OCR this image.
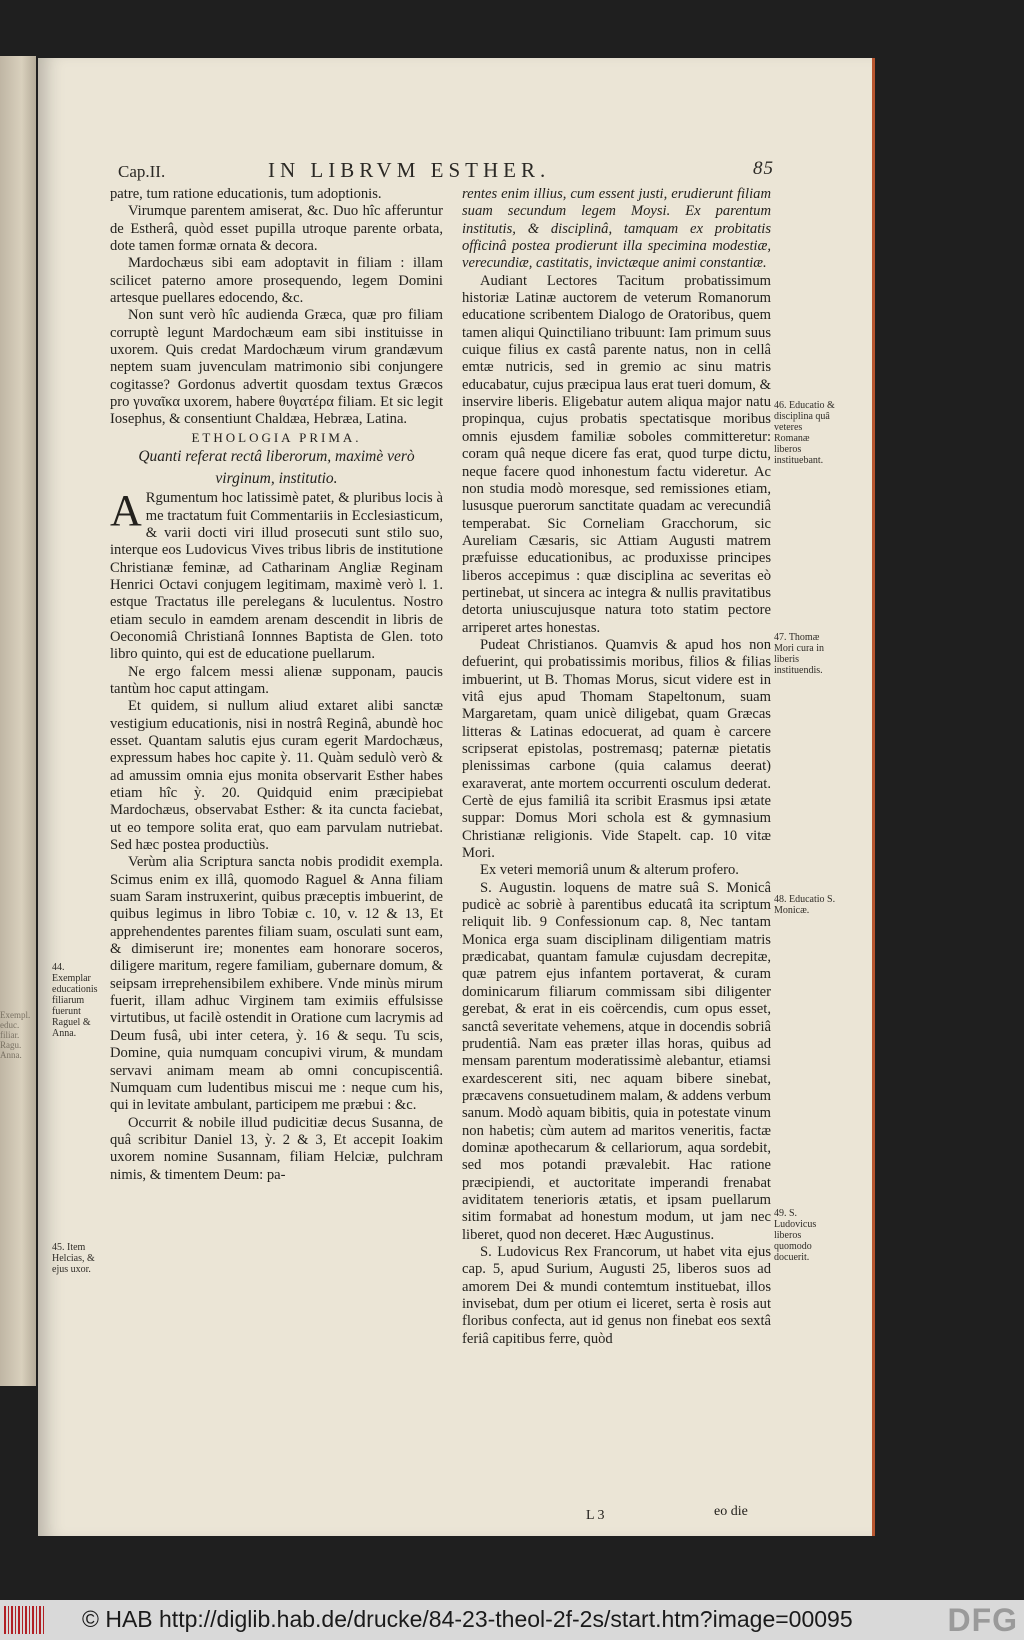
Exempl. educ. filiar. Ragu. Anna.
Cap.II.	IN LIBRVM ESTHER.	85

patre, tum ratione educationis, tum adoptionis.

Virumque parentem amiserat, &c. Duo hîc afferuntur de Estherâ, quòd esset pupilla utroque parente orbata, dote tamen formæ ornata & decora.

Mardochæus sibi eam adoptavit in filiam : illam scilicet paterno amore prosequendo, legem Domini artesque puellares edocendo, &c.

Non sunt verò hîc audienda Græca, quæ pro filiam corruptè legunt Mardochæum eam sibi instituisse in uxorem. Quis credat Mardochæum virum grandævum neptem suam juvenculam matrimonio sibi conjungere cogitasse? Gordonus advertit quosdam textus Græcos pro γυναῖκα uxorem, habere θυγατέρα filiam. Et sic legit Iosephus, & consentiunt Chaldæa, Hebræa, Latina.

ETHOLOGIA PRIMA.

Quanti referat rectâ liberorum, maximè verò virginum, institutio.

A Rgumentum hoc latissimè patet, & pluribus locis à me tractatum fuit Commentariis in Ecclesiasticum, & varii docti viri illud prosecuti sunt stilo suo, interque eos Ludovicus Vives tribus libris de institutione Christianæ feminæ, ad Catharinam Angliæ Reginam Henrici Octavi conjugem legitimam, maximè verò l. 1. estque Tractatus ille perelegans & luculentus. Nostro etiam seculo in eamdem arenam descendit in libris de Oeconomiâ Christianâ Ionnnes Baptista de Glen. toto libro quinto, qui est de educatione puellarum.

Ne ergo falcem messi alienæ supponam, paucis tantùm hoc caput attingam.

Et quidem, si nullum aliud extaret alibi sanctæ vestigium educationis, nisi in nostrâ Reginâ, abundè hoc esset. Quantam salutis ejus curam egerit Mardochæus, expressum habes hoc capite ỳ. 11. Quàm sedulò verò & ad amussim omnia ejus monita observarit Esther habes etiam hîc ỳ. 20. Quidquid enim præcipiebat Mardochæus, observabat Esther: & ita cuncta faciebat, ut eo tempore solita erat, quo eam parvulam nutriebat. Sed hæc postea productiùs.

Verùm alia Scriptura sancta nobis prodidit exempla. Scimus enim ex illâ, quomodo Raguel & Anna filiam suam Saram instruxerint, quibus præceptis imbuerint, de quibus legimus in libro Tobiæ c. 10, v. 12 & 13, Et apprehendentes parentes filiam suam, osculati sunt eam, & dimiserunt ire; monentes eam honorare soceros, diligere maritum, regere familiam, gubernare domum, & seipsam irreprehensibilem exhibere. Vnde minùs mirum fuerit, illam adhuc Virginem tam eximiis effulsisse virtutibus, ut facilè ostendit in Oratione cum lacrymis ad Deum fusâ, ubi inter cetera, ỳ. 16 & sequ. Tu scis, Domine, quia numquam concupivi virum, & mundam servavi animam meam ab omni concupiscentiâ. Numquam cum ludentibus miscui me : neque cum his, qui in levitate ambulant, participem me præbui : &c.

Occurrit & nobile illud pudicitiæ decus Susanna, de quâ scribitur Daniel 13, ỳ. 2 & 3, Et accepit Ioakim uxorem nomine Susannam, filiam Helciæ, pulchram nimis, & timentem Deum: pa-

rentes enim illius, cum essent justi, erudierunt filiam suam secundum legem Moysi. Ex parentum institutis, & disciplinâ, tamquam ex probitatis officinâ postea prodierunt illa specimina modestiæ, verecundiæ, castitatis, invictæque animi constantiæ.

Audiant Lectores Tacitum probatissimum historiæ Latinæ auctorem de veterum Romanorum educatione scribentem Dialogo de Oratoribus, quem tamen aliqui Quinctiliano tribuunt: Iam primum suus cuique filius ex castâ parente natus, non in cellâ emtæ nutricis, sed in gremio ac sinu matris educabatur, cujus præcipua laus erat tueri domum, & inservire liberis. Eligebatur autem aliqua major natu propinqua, cujus probatis spectatisque moribus omnis ejusdem familiæ soboles committeretur: coram quâ neque dicere fas erat, quod turpe dictu, neque facere quod inhonestum factu videretur. Ac non studia modò moresque, sed remissiones etiam, lususque puerorum sanctitate quadam ac verecundiâ temperabat. Sic Corneliam Gracchorum, sic Aureliam Cæsaris, sic Attiam Augusti matrem præfuisse educationibus, ac produxisse principes liberos accepimus : quæ disciplina ac severitas eò pertinebat, ut sincera ac integra & nullis pravitatibus detorta uniuscujusque natura toto statim pectore arriperet artes honestas.

Pudeat Christianos. Quamvis & apud hos non defuerint, qui probatissimis moribus, filios & filias imbuerint, ut B. Thomas Morus, sicut videre est in vitâ ejus apud Thomam Stapeltonum, suam Margaretam, quam unicè diligebat, quam Græcas litteras & Latinas edocuerat, ad quam è carcere scripserat epistolas, postremasq; paternæ pietatis plenissimas carbone (quia calamus deerat) exaraverat, ante mortem occurrenti osculum dederat. Certè de ejus familiâ ita scribit Erasmus ipsi ætate suppar: Domus Mori schola est & gymnasium Christianæ religionis. Vide Stapelt. cap. 10 vitæ Mori.

Ex veteri memoriâ unum & alterum profero.

S. Augustin. loquens de matre suâ S. Monicâ pudicè ac sobriè à parentibus educatâ ita scriptum reliquit lib. 9 Confessionum cap. 8, Nec tantam Monica erga suam disciplinam diligentiam matris prædicabat, quantam famulæ cujusdam decrepitæ, quæ patrem ejus infantem portaverat, & curam dominicarum filiarum commissam sibi diligenter gerebat, & erat in eis coërcendis, cum opus esset, sanctâ severitate vehemens, atque in docendis sobriâ prudentiâ. Nam eas præter illas horas, quibus ad mensam parentum moderatissimè alebantur, etiamsi exardescerent siti, nec aquam bibere sinebat, præcavens consuetudinem malam, & addens verbum sanum. Modò aquam bibitis, quia in potestate vinum non habetis; cùm autem ad maritos veneritis, factæ dominæ apothecarum & cellariorum, aqua sordebit, sed mos potandi prævalebit. Hac ratione præcipiendi, et auctoritate imperandi frenabat aviditatem tenerioris ætatis, et ipsam puellarum sitim formabat ad honestum modum, ut jam nec liberet, quod non deceret. Hæc Augustinus.

S. Ludovicus Rex Francorum, ut habet vita ejus cap. 5, apud Surium, Augusti 25, liberos suos ad amorem Dei & mundi contemtum instituebat, illos invisebat, dum per otium ei liceret, serta è rosis aut floribus confecta, aut id genus non finebat eos sextâ feriâ capitibus ferre, quòd

44. Exemplar educationis filiarum fuerunt Raguel & Anna.
45. Item Helcias, & ejus uxor.
46. Educatio & disciplina quâ veteres Romanæ liberos instituebant.
47. Thomæ Mori cura in liberis instituendis.
48. Educatio S. Monicæ.
49. S. Ludovicus liberos quomodo docuerit.
L 3	eo die
© HAB http://diglib.hab.de/drucke/84-23-theol-2f-2s/start.htm?image=00095	DFG
